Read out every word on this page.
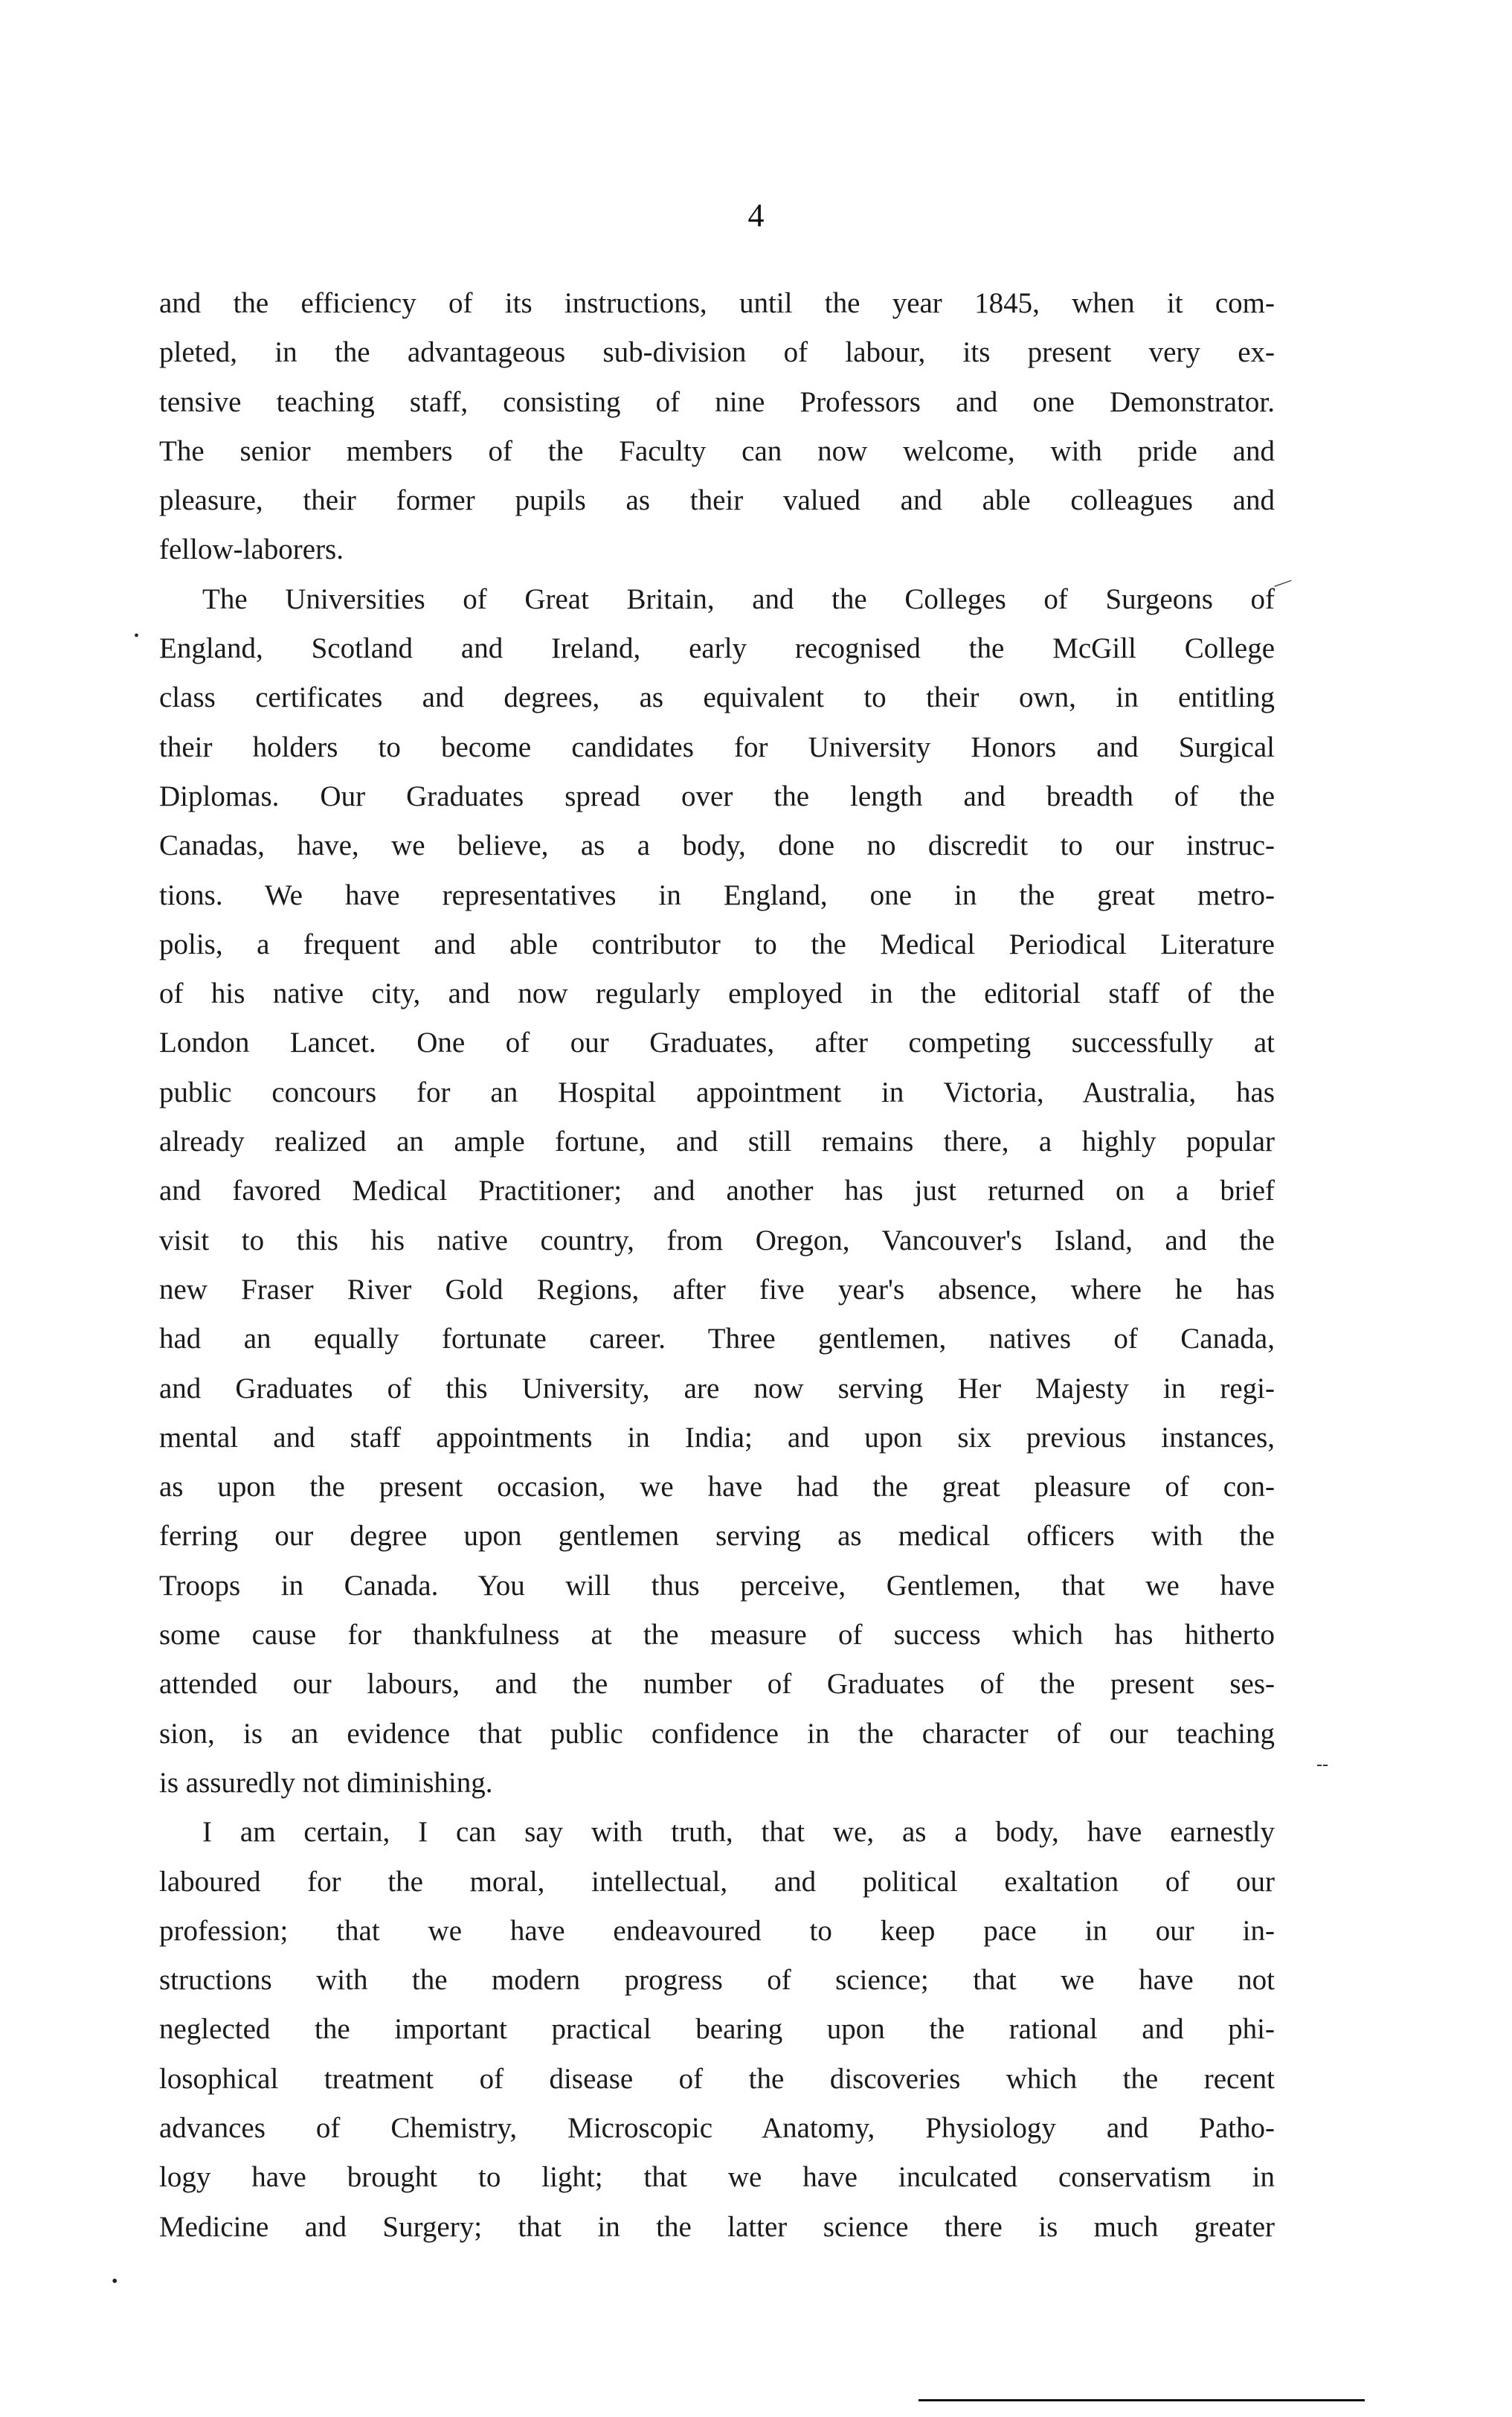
4
and the efficiency of its instructions, until the year 1845, when it com-
pleted, in the advantageous sub-division of labour, its present very ex-
tensive teaching staff, consisting of nine Professors and one Demonstrator.
The senior members of the Faculty can now welcome, with pride and
pleasure, their former pupils as their valued and able colleagues and
fellow-laborers.
The Universities of Great Britain, and the Colleges of Surgeons of
England, Scotland and Ireland, early recognised the McGill College
class certificates and degrees, as equivalent to their own, in entitling
their holders to become candidates for University Honors and Surgical
Diplomas. Our Graduates spread over the length and breadth of the
Canadas, have, we believe, as a body, done no discredit to our instruc-
tions. We have representatives in England, one in the great metro-
polis, a frequent and able contributor to the Medical Periodical Literature
of his native city, and now regularly employed in the editorial staff of the
London Lancet. One of our Graduates, after competing successfully at
public concours for an Hospital appointment in Victoria, Australia, has
already realized an ample fortune, and still remains there, a highly popular
and favored Medical Practitioner; and another has just returned on a brief
visit to this his native country, from Oregon, Vancouver's Island, and the
new Fraser River Gold Regions, after five year's absence, where he has
had an equally fortunate career. Three gentlemen, natives of Canada,
and Graduates of this University, are now serving Her Majesty in regi-
mental and staff appointments in India; and upon six previous instances,
as upon the present occasion, we have had the great pleasure of con-
ferring our degree upon gentlemen serving as medical officers with the
Troops in Canada. You will thus perceive, Gentlemen, that we have
some cause for thankfulness at the measure of success which has hitherto
attended our labours, and the number of Graduates of the present ses-
sion, is an evidence that public confidence in the character of our teaching
is assuredly not diminishing.
I am certain, I can say with truth, that we, as a body, have earnestly
laboured for the moral, intellectual, and political exaltation of our
profession; that we have endeavoured to keep pace in our in-
structions with the modern progress of science; that we have not
neglected the important practical bearing upon the rational and phi-
losophical treatment of disease of the discoveries which the recent
advances of Chemistry, Microscopic Anatomy, Physiology and Patho-
logy have brought to light; that we have inculcated conservatism in
Medicine and Surgery; that in the latter science there is much greater
∕
•
‐‐
•
